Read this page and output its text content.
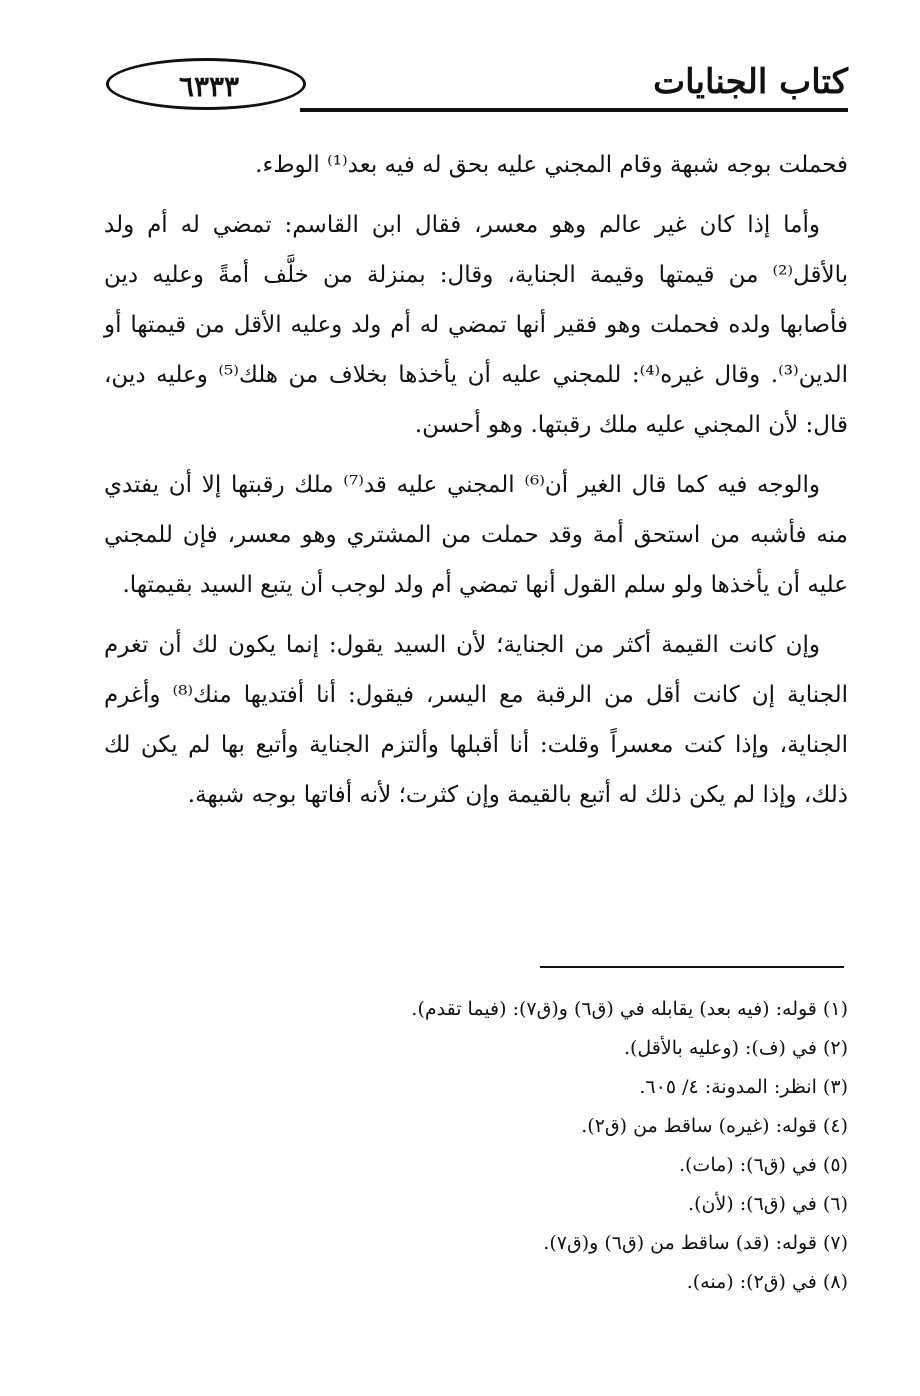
٦٣٣٣	كتاب الجنايات

فحملت بوجه شبهة وقام المجني عليه بحق له فيه بعد⁽¹⁾ الوطء.

وأما إذا كان غير عالم وهو معسر، فقال ابن القاسم: تمضي له أم ولد بالأقل⁽²⁾ من قيمتها وقيمة الجناية، وقال: بمنزلة من خلَّف أمةً وعليه دين فأصابها ولده فحملت وهو فقير أنها تمضي له أم ولد وعليه الأقل من قيمتها أو الدين⁽³⁾. وقال غيره⁽⁴⁾: للمجني عليه أن يأخذها بخلاف من هلك⁽⁵⁾ وعليه دين، قال: لأن المجني عليه ملك رقبتها. وهو أحسن.

والوجه فيه كما قال الغير أن⁽⁶⁾ المجني عليه قد⁽⁷⁾ ملك رقبتها إلا أن يفتدي منه فأشبه من استحق أمة وقد حملت من المشتري وهو معسر، فإن للمجني عليه أن يأخذها ولو سلم القول أنها تمضي أم ولد لوجب أن يتبع السيد بقيمتها.

وإن كانت القيمة أكثر من الجناية؛ لأن السيد يقول: إنما يكون لك أن تغرم الجناية إن كانت أقل من الرقبة مع اليسر، فيقول: أنا أفتديها منك⁽⁸⁾ وأغرم الجناية، وإذا كنت معسراً وقلت: أنا أقبلها وألتزم الجناية وأتبع بها لم يكن لك ذلك، وإذا لم يكن ذلك له أتبع بالقيمة وإن كثرت؛ لأنه أفاتها بوجه شبهة.

(١) قوله: (فيه بعد) يقابله في (ق٦) و(ق٧): (فيما تقدم).

(٢) في (ف): (وعليه بالأقل).

(٣) انظر: المدونة: ٤/ ٦٠٥.

(٤) قوله: (غيره) ساقط من (ق٢).

(٥) في (ق٦): (مات).

(٦) في (ق٦): (لأن).

(٧) قوله: (قد) ساقط من (ق٦) و(ق٧).

(٨) في (ق٢): (منه).
